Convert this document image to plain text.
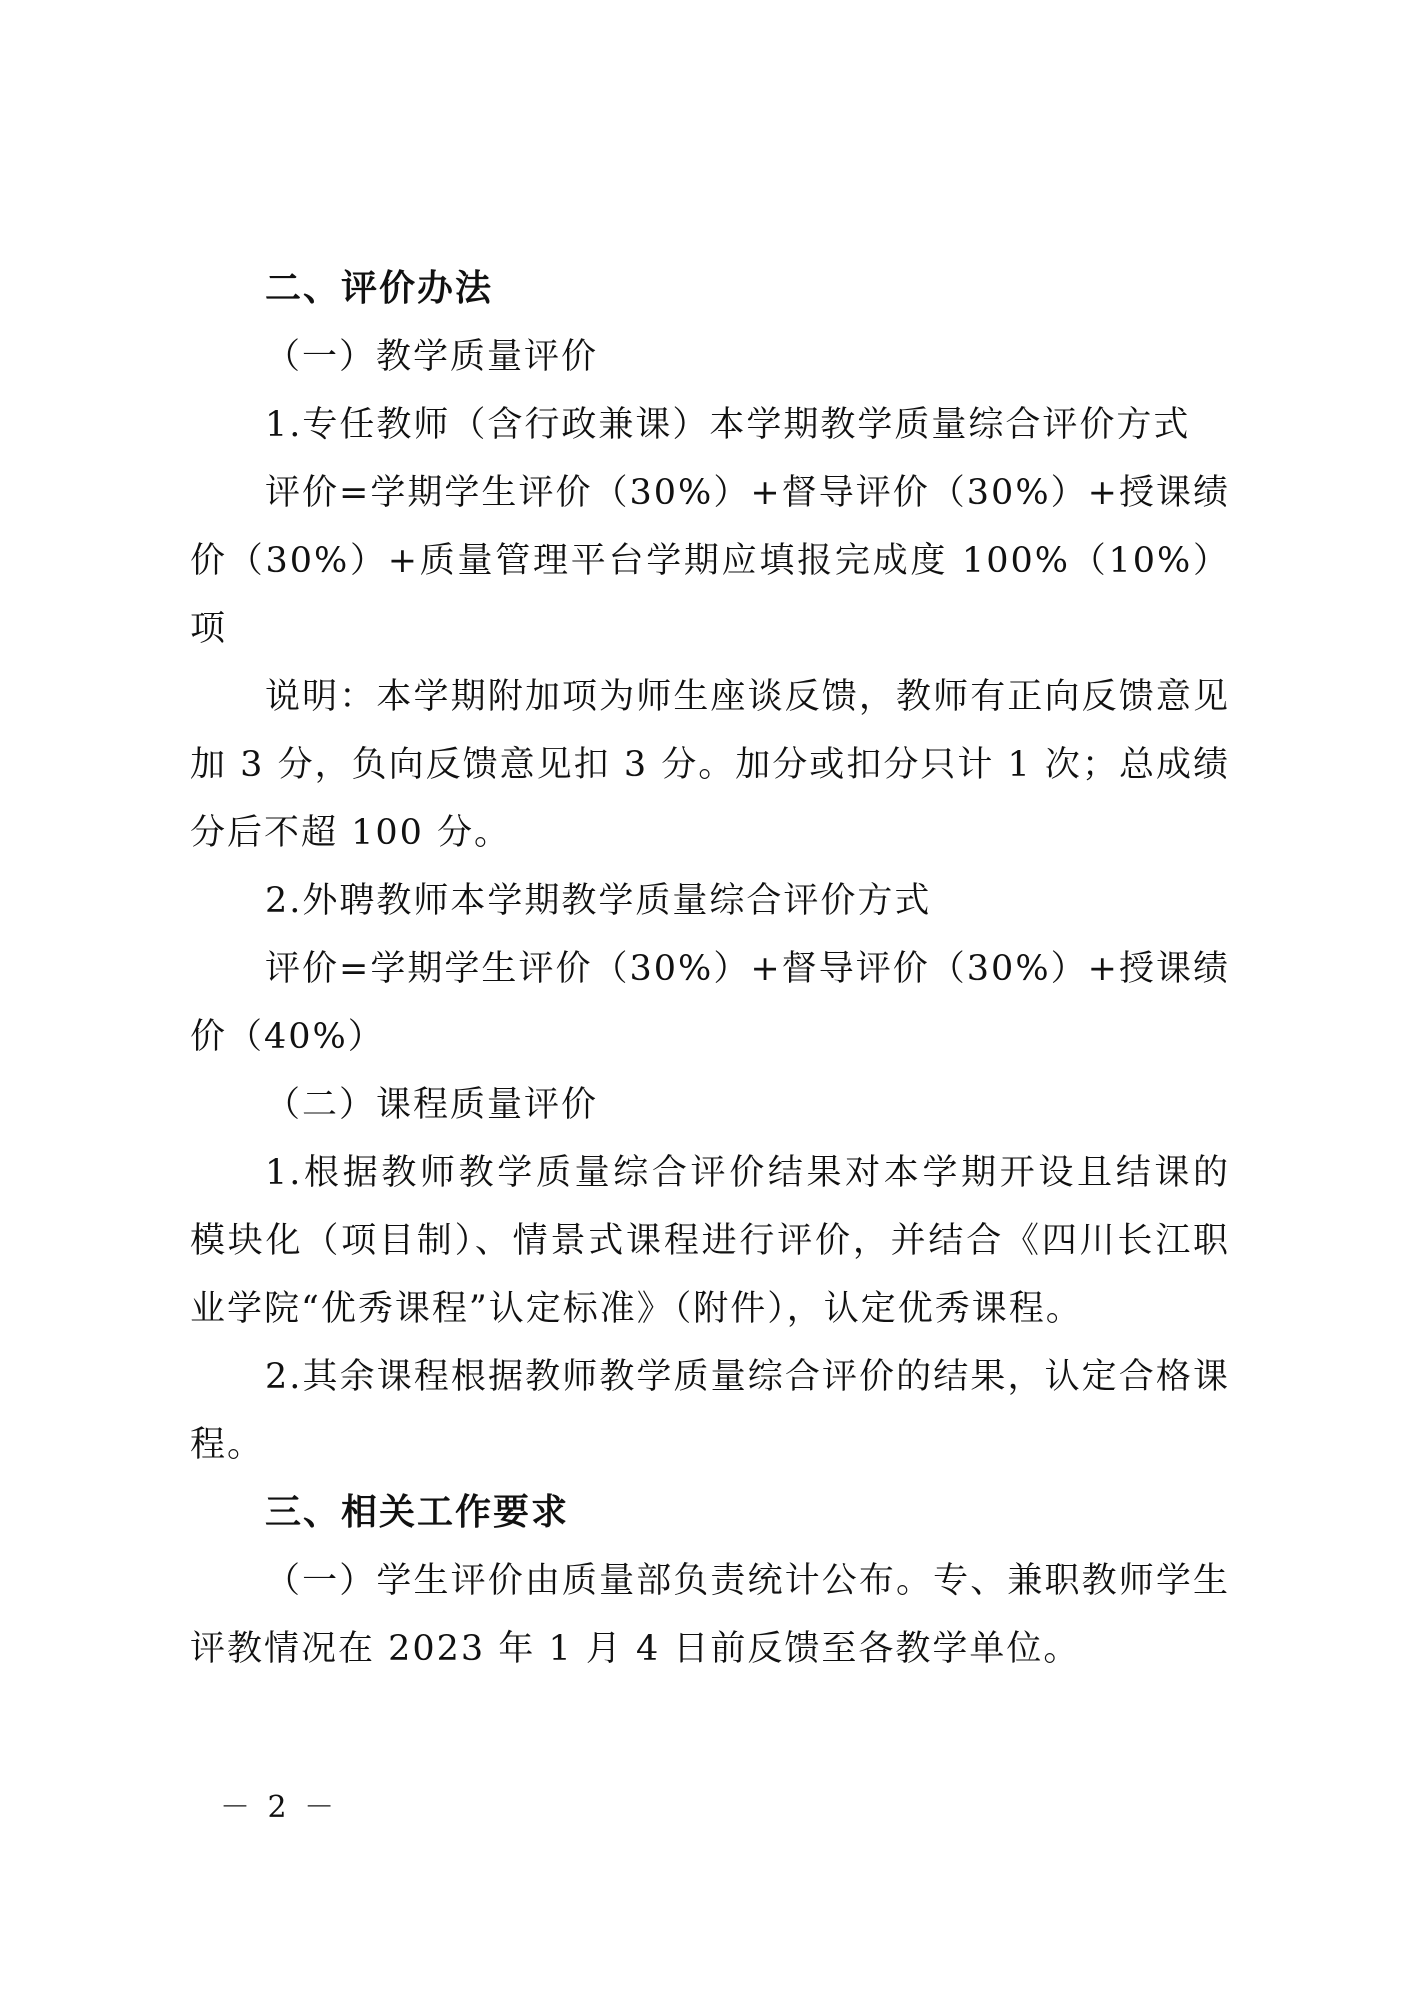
二、评价办法
（一）教学质量评价
1.专任教师（含行政兼课）本学期教学质量综合评价方式
评价=学期学生评价（30%）+督导评价（30%）+授课绩
价（30%）+质量管理平台学期应填报完成度 100%（10%）
项
说明：本学期附加项为师生座谈反馈，教师有正向反馈意见
加 3 分，负向反馈意见扣 3 分。加分或扣分只计 1 次；总成绩
分后不超 100 分。
2.外聘教师本学期教学质量综合评价方式
评价=学期学生评价（30%）+督导评价（30%）+授课绩
价（40%）
（二）课程质量评价
1.根据教师教学质量综合评价结果对本学期开设且结课的
模块化（项目制）、情景式课程进行评价，并结合《四川长江职
业学院“优秀课程”认定标准》（附件），认定优秀课程。
2.其余课程根据教师教学质量综合评价的结果，认定合格课
程。
三、相关工作要求
（一）学生评价由质量部负责统计公布。专、兼职教师学生
评教情况在 2023 年 1 月 4 日前反馈至各教学单位。
－ 2 －
